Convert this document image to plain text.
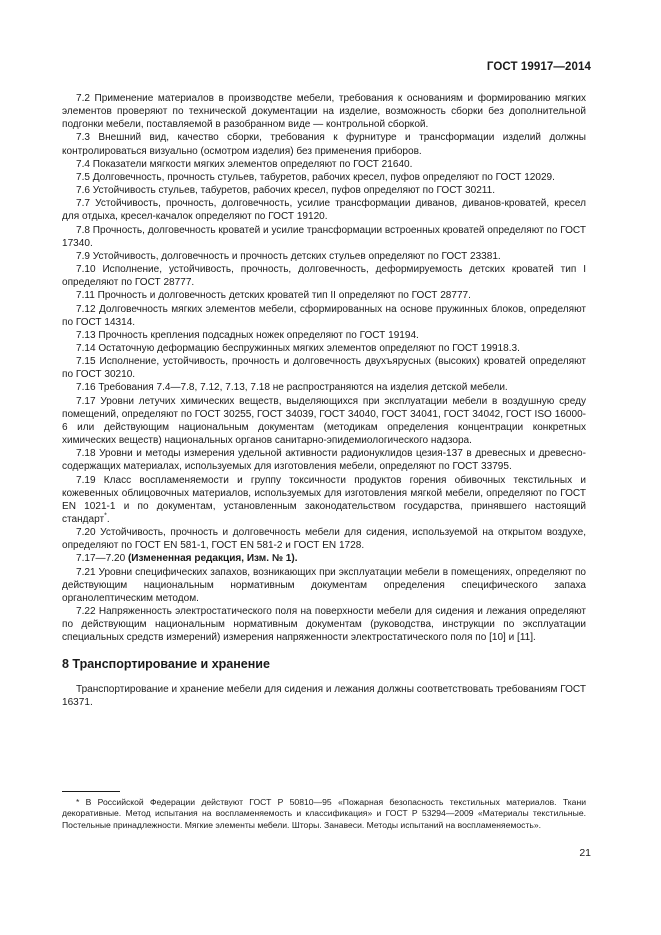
ГОСТ 19917—2014

7.2 Применение материалов в производстве мебели, требования к основаниям и формированию мягких элементов проверяют по технической документации на изделие, возможность сборки без дополнительной подгонки мебели, поставляемой в разобранном виде — контрольной сборкой.

7.3 Внешний вид, качество сборки, требования к фурнитуре и трансформации изделий должны контролироваться визуально (осмотром изделия) без применения приборов.

7.4 Показатели мягкости мягких элементов определяют по ГОСТ 21640.

7.5 Долговечность, прочность стульев, табуретов, рабочих кресел, пуфов определяют по ГОСТ 12029.

7.6 Устойчивость стульев, табуретов, рабочих кресел, пуфов определяют по ГОСТ 30211.

7.7 Устойчивость, прочность, долговечность, усилие трансформации диванов, диванов-кроватей, кресел для отдыха, кресел-качалок определяют по ГОСТ 19120.

7.8 Прочность, долговечность кроватей и усилие трансформации встроенных кроватей определяют по ГОСТ 17340.

7.9 Устойчивость, долговечность и прочность детских стульев определяют по ГОСТ 23381.

7.10 Исполнение, устойчивость, прочность, долговечность, деформируемость детских кроватей тип I определяют по ГОСТ 28777.

7.11 Прочность и долговечность детских кроватей тип II определяют по ГОСТ 28777.

7.12 Долговечность мягких элементов мебели, сформированных на основе пружинных блоков, определяют по ГОСТ 14314.

7.13 Прочность крепления подсадных ножек определяют по ГОСТ 19194.

7.14 Остаточную деформацию беспружинных мягких элементов определяют по ГОСТ 19918.3.

7.15 Исполнение, устойчивость, прочность и долговечность двухъярусных (высоких) кроватей определяют по ГОСТ 30210.

7.16 Требования 7.4—7.8, 7.12, 7.13, 7.18 не распространяются на изделия детской мебели.

7.17 Уровни летучих химических веществ, выделяющихся при эксплуатации мебели в воздушную среду помещений, определяют по ГОСТ 30255, ГОСТ 34039, ГОСТ 34040, ГОСТ 34041, ГОСТ 34042, ГОСТ ISO 16000-6 или действующим национальным документам (методикам определения концентрации конкретных химических веществ) национальных органов санитарно-эпидемиологического надзора.

7.18 Уровни и методы измерения удельной активности радионуклидов цезия-137 в древесных и древесно-содержащих материалах, используемых для изготовления мебели, определяют по ГОСТ 33795.

7.19 Класс воспламеняемости и группу токсичности продуктов горения обивочных текстильных и кожевенных облицовочных материалов, используемых для изготовления мягкой мебели, определяют по ГОСТ EN 1021-1 и по документам, установленным законодательством государства, принявшего настоящий стандарт*.

7.20 Устойчивость, прочность и долговечность мебели для сидения, используемой на открытом воздухе, определяют по ГОСТ EN 581-1, ГОСТ EN 581-2 и ГОСТ EN 1728.

7.17—7.20 (Измененная редакция, Изм. № 1).

7.21 Уровни специфических запахов, возникающих при эксплуатации мебели в помещениях, определяют по действующим национальным нормативным документам определения специфического запаха органолептическим методом.

7.22 Напряженность электростатического поля на поверхности мебели для сидения и лежания определяют по действующим национальным нормативным документам (руководства, инструкции по эксплуатации специальных средств измерений) измерения напряженности электростатического поля по [10] и [11].

8 Транспортирование и хранение

Транспортирование и хранение мебели для сидения и лежания должны соответствовать требованиям ГОСТ 16371.

* В Российской Федерации действуют ГОСТ Р 50810—95 «Пожарная безопасность текстильных материалов. Ткани декоративные. Метод испытания на воспламеняемость и классификация» и ГОСТ Р 53294—2009 «Материалы текстильные. Постельные принадлежности. Мягкие элементы мебели. Шторы. Занавеси. Методы испытаний на воспламеняемость».
21
